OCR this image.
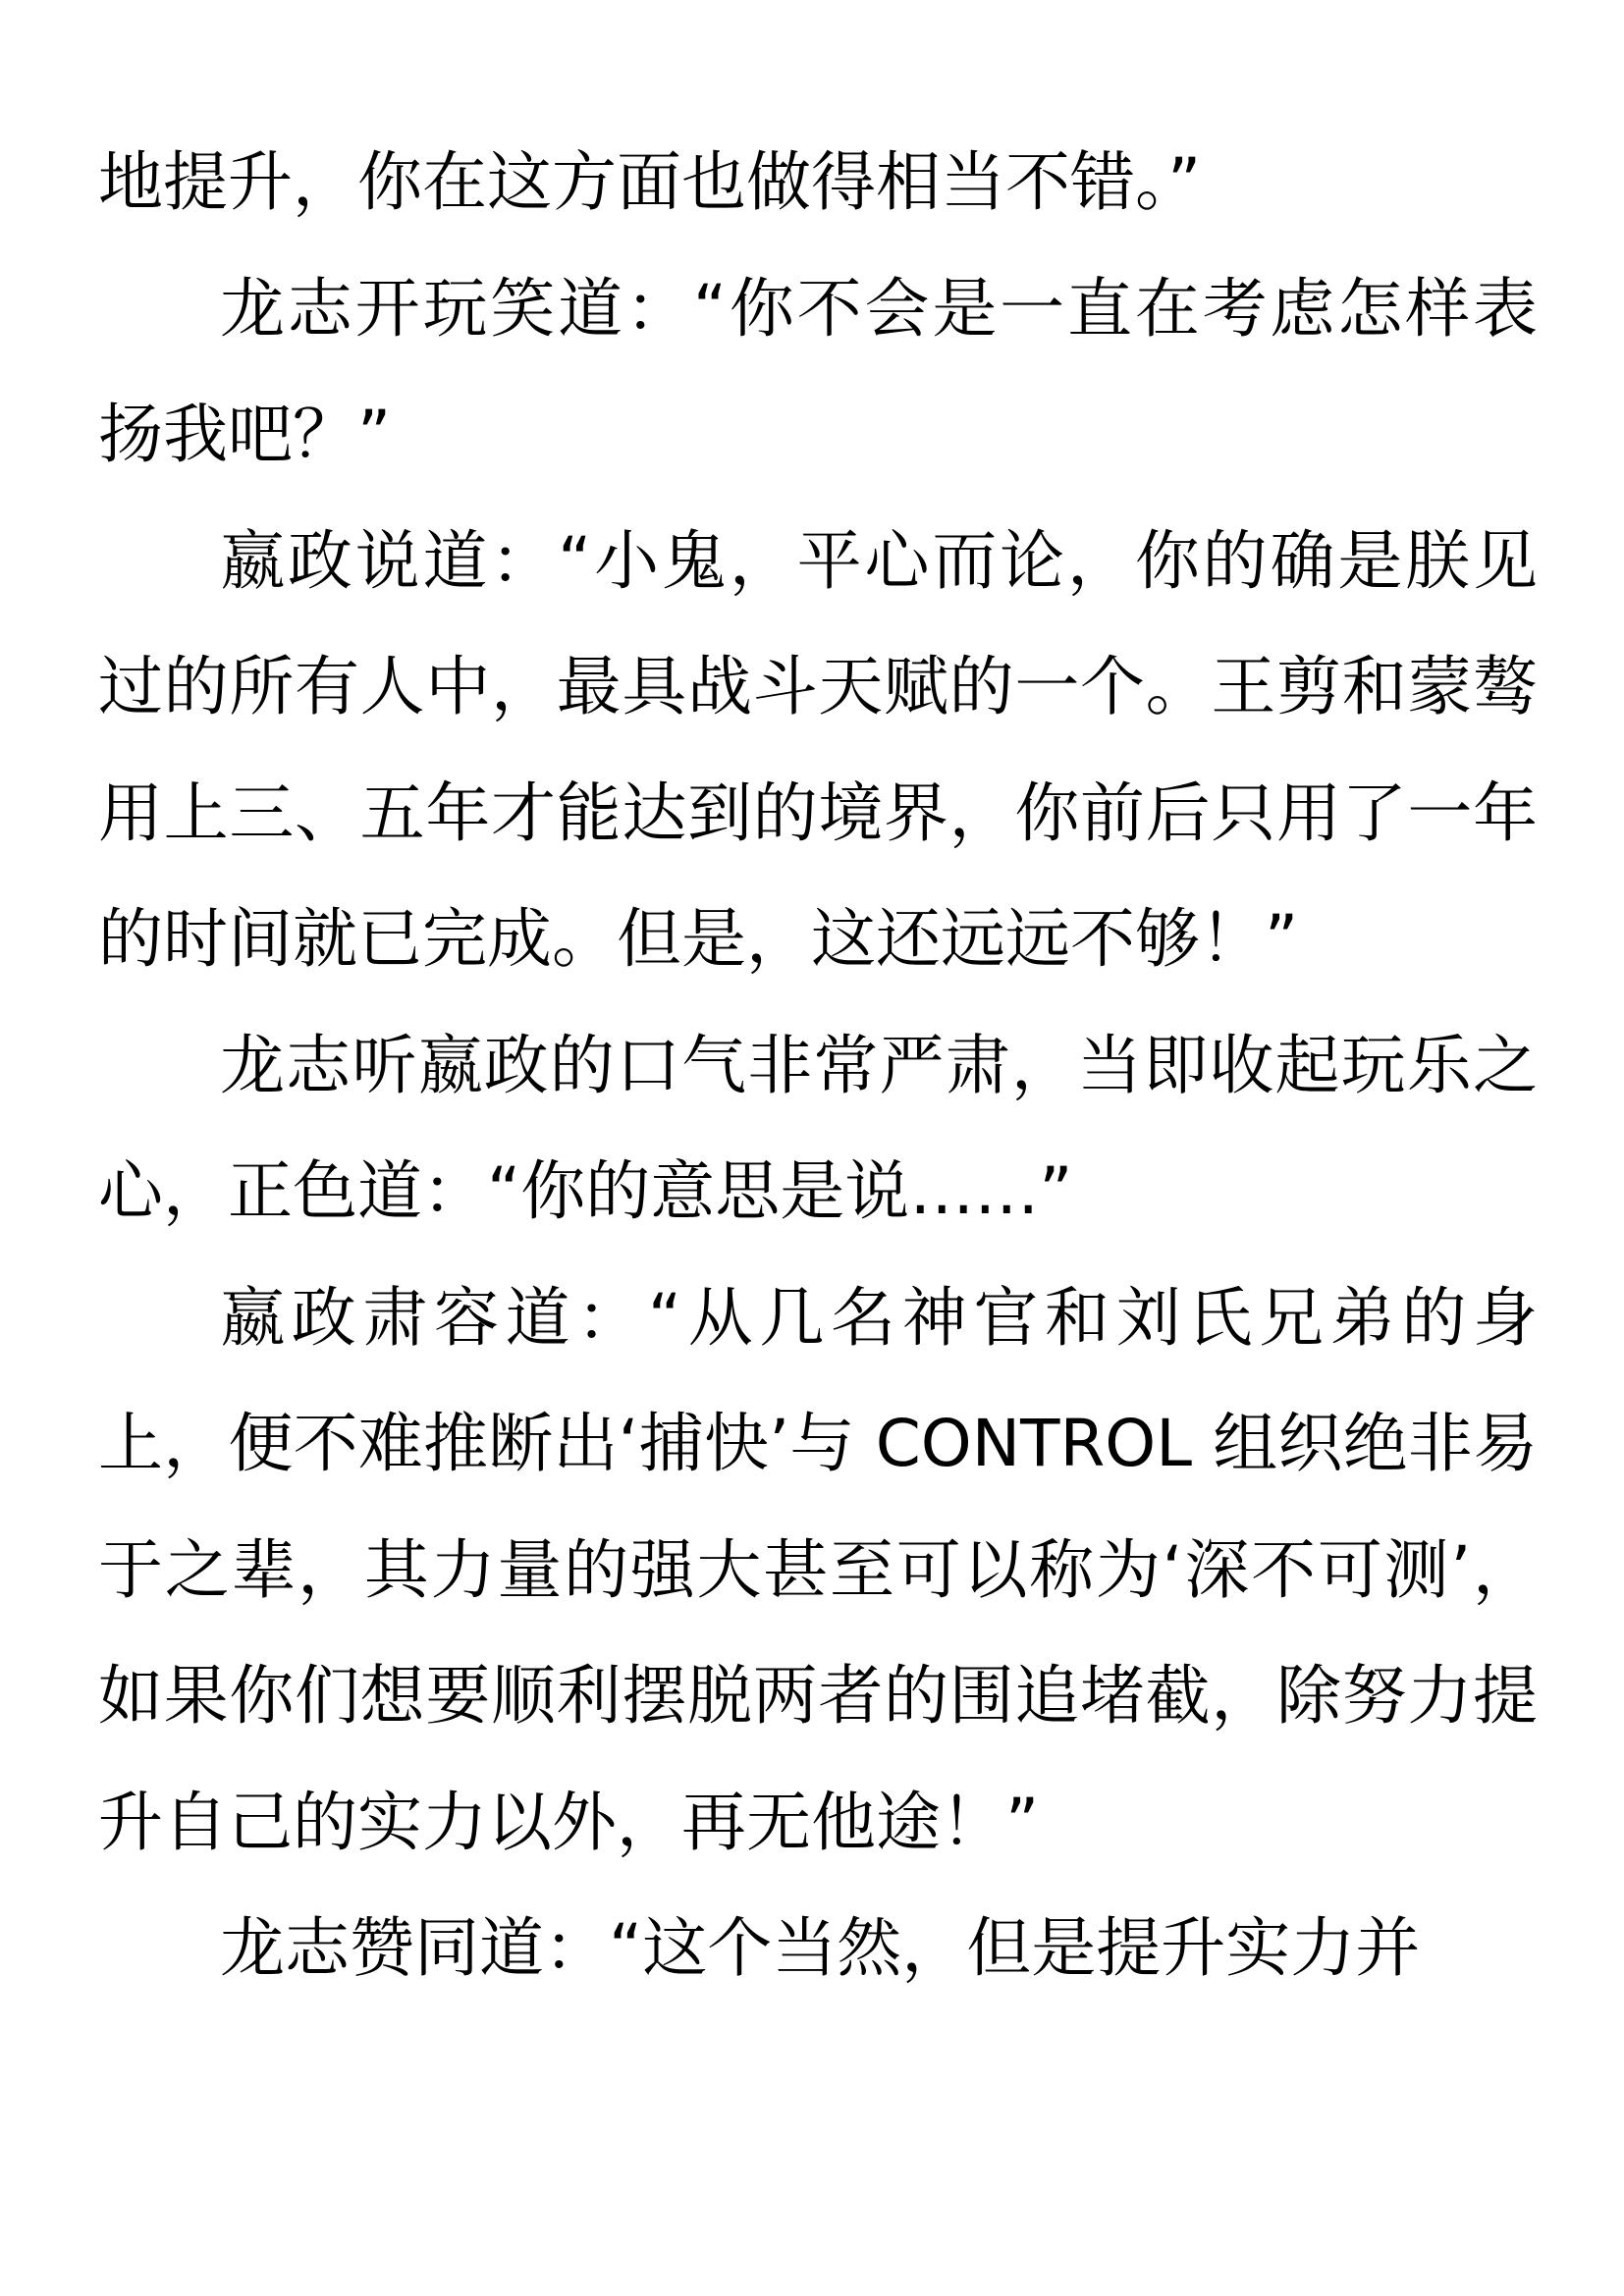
地提升，你在这方面也做得相当不错。”

龙志开玩笑道：“你不会是一直在考虑怎样表扬我吧？”

嬴政说道：“小鬼，平心而论，你的确是朕见过的所有人中，最具战斗天赋的一个。王剪和蒙骜用上三、五年才能达到的境界，你前后只用了一年的时间就已完成。但是，这还远远不够！”

龙志听嬴政的口气非常严肃，当即收起玩乐之心，正色道：“你的意思是说……”

嬴政肃容道：“从几名神官和刘氏兄弟的身上，便不难推断出‘捕快’与 CONTROL 组织绝非易于之辈，其力量的强大甚至可以称为‘深不可测’，如果你们想要顺利摆脱两者的围追堵截，除努力提升自己的实力以外，再无他途！”

龙志赞同道：“这个当然，但是提升实力并
